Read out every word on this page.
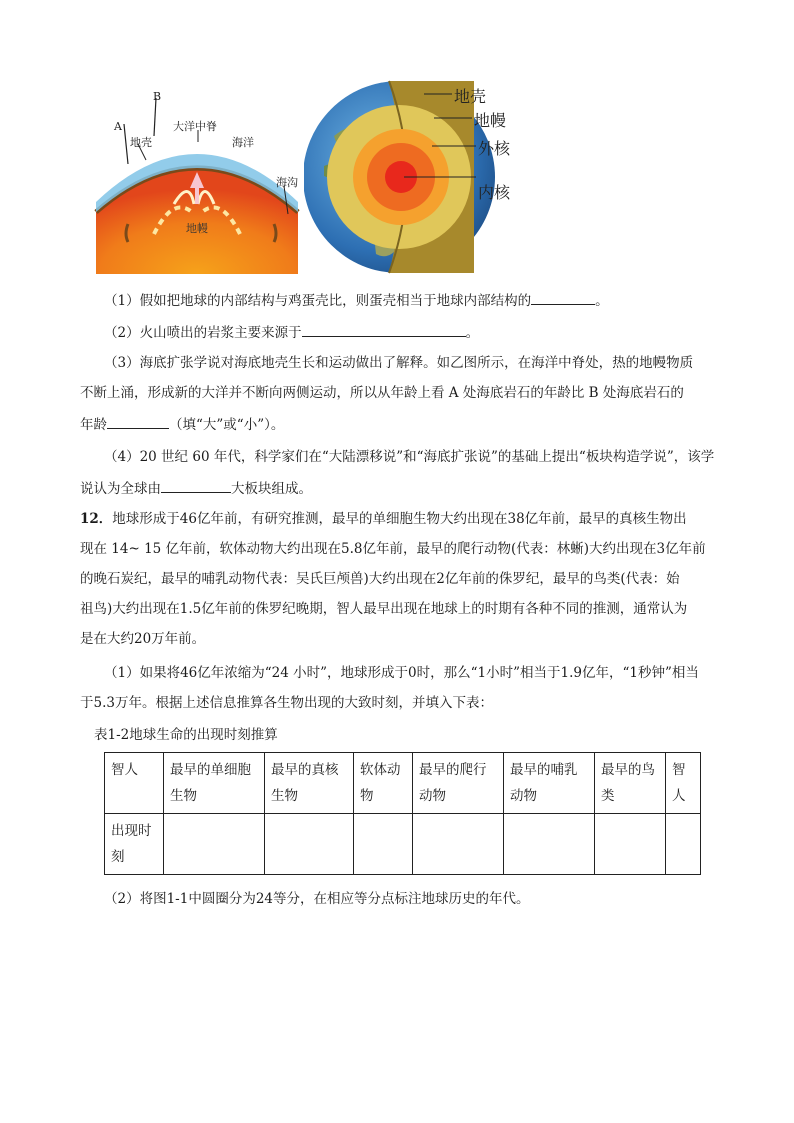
A
B
地壳
大洋中脊
海洋
海沟
地幔
地壳
地幔
外核
内核
（1）假如把地球的内部结构与鸡蛋壳比，则蛋壳相当于地球内部结构的	。
（2）火山喷出的岩浆主要来源于	。
（3）海底扩张学说对海底地壳生长和运动做出了解释。如乙图所示，在海洋中脊处，热的地幔物质
不断上涌，形成新的大洋并不断向两侧运动，所以从年龄上看 A 处海底岩石的年龄比 B 处海底岩石的
年龄	（填“大”或“小”）。
（4）20 世纪 60 年代，科学家们在“大陆漂移说”和“海底扩张说”的基础上提出“板块构造学说”，该学
说认为全球由	大板块组成。
12．地球形成于46亿年前，有研究推测，最早的单细胞生物大约出现在38亿年前，最早的真核生物出
现在 14~ 15 亿年前，软体动物大约出现在5.8亿年前，最早的爬行动物(代表：林蜥)大约出现在3亿年前
的晚石炭纪，最早的哺乳动物代表：吴氏巨颅兽)大约出现在2亿年前的侏罗纪，最早的鸟类(代表：始
祖鸟)大约出现在1.5亿年前的侏罗纪晚期，智人最早出现在地球上的时期有各种不同的推测，通常认为
是在大约20万年前。
（1）如果将46亿年浓缩为“24 小时”，地球形成于0时，那么“1小时”相当于1.9亿年，“1秒钟”相当
于5.3万年。根据上述信息推算各生物出现的大致时刻，并填入下表：
表1-2地球生命的出现时刻推算
智人	最早的单细胞生物	最早的真核生物	软体动物	最早的爬行动物	最早的哺乳动物	最早的鸟类	智人
出现时刻							
（2）将图1-1中圆圈分为24等分，在相应等分点标注地球历史的年代。
